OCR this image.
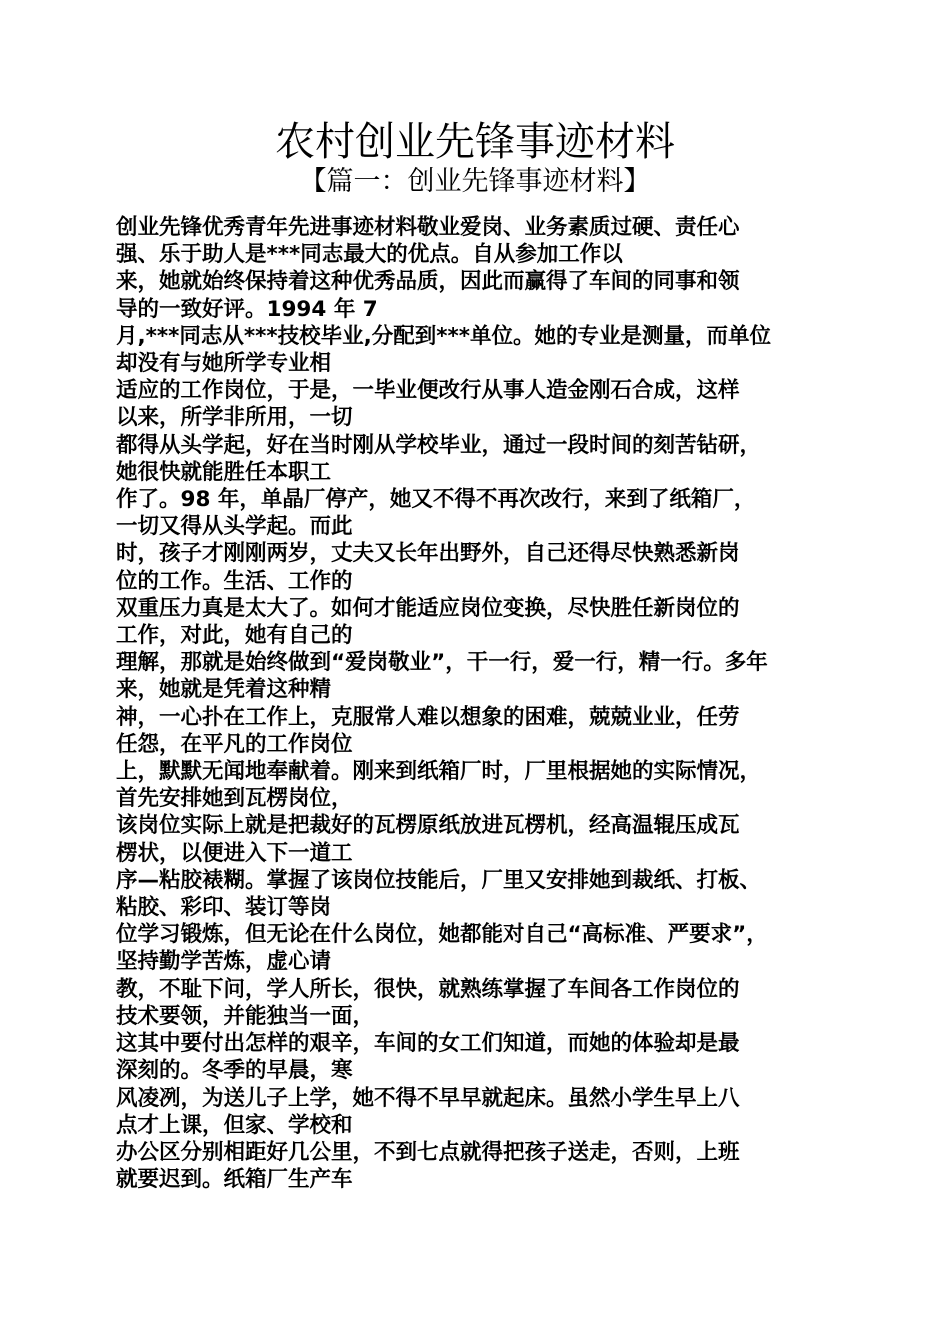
农村创业先锋事迹材料
【篇一：创业先锋事迹材料】
创业先锋优秀青年先进事迹材料敬业爱岗、业务素质过硬、责任心
强、乐于助人是***同志最大的优点。自从参加工作以
来，她就始终保持着这种优秀品质，因此而赢得了车间的同事和领
导的一致好评。1994 年 7
月,***同志从***技校毕业,分配到***单位。她的专业是测量，而单位
却没有与她所学专业相
适应的工作岗位，于是，一毕业便改行从事人造金刚石合成，这样
以来，所学非所用，一切
都得从头学起，好在当时刚从学校毕业，通过一段时间的刻苦钻研，
她很快就能胜任本职工
作了。98 年，单晶厂停产，她又不得不再次改行，来到了纸箱厂，
一切又得从头学起。而此
时，孩子才刚刚两岁，丈夫又长年出野外，自己还得尽快熟悉新岗
位的工作。生活、工作的
双重压力真是太大了。如何才能适应岗位变换，尽快胜任新岗位的
工作，对此，她有自己的
理解，那就是始终做到“爱岗敬业”，干一行，爱一行，精一行。多年
来，她就是凭着这种精
神，一心扑在工作上，克服常人难以想象的困难，兢兢业业，任劳
任怨，在平凡的工作岗位
上，默默无闻地奉献着。刚来到纸箱厂时，厂里根据她的实际情况，
首先安排她到瓦楞岗位，
该岗位实际上就是把裁好的瓦楞原纸放进瓦楞机，经高温辊压成瓦
楞状，以便进入下一道工
序—粘胶裱糊。掌握了该岗位技能后，厂里又安排她到裁纸、打板、
粘胶、彩印、装订等岗
位学习锻炼，但无论在什么岗位，她都能对自己“高标准、严要求”，
坚持勤学苦炼，虚心请
教，不耻下问，学人所长，很快，就熟练掌握了车间各工作岗位的
技术要领，并能独当一面，
这其中要付出怎样的艰辛，车间的女工们知道，而她的体验却是最
深刻的。冬季的早晨，寒
风凌冽，为送儿子上学，她不得不早早就起床。虽然小学生早上八
点才上课，但家、学校和
办公区分别相距好几公里，不到七点就得把孩子送走，否则，上班
就要迟到。纸箱厂生产车
